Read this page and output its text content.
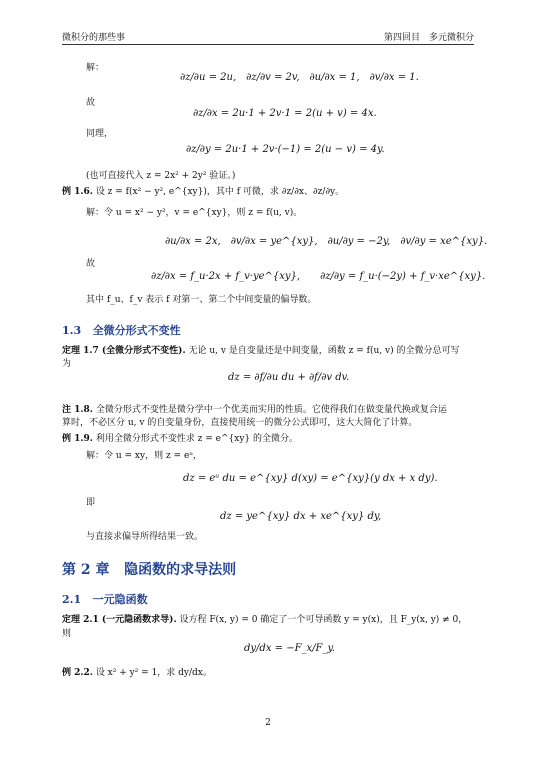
微积分的那些事	第四回目　多元微积分
解：
∂z/∂u = 2u,　∂z/∂v = 2v,　∂u/∂x = 1,　∂v/∂x = 1.
故
∂z/∂x = 2u·1 + 2v·1 = 2(u + v) = 4x.
同理，
∂z/∂y = 2u·1 + 2v·(−1) = 2(u − v) = 4y.
(也可直接代入 z = 2x² + 2y² 验证。)
例 1.6. 设 z = f(x² − y², e^{xy})，其中 f 可微，求 ∂z/∂x、∂z/∂y。
解：令 u = x² − y²，v = e^{xy}，则 z = f(u, v)。
∂u/∂x = 2x,　∂v/∂x = ye^{xy},　∂u/∂y = −2y,　∂v/∂y = xe^{xy}.
故
∂z/∂x = f_u·2x + f_v·ye^{xy},　　∂z/∂y = f_u·(−2y) + f_v·xe^{xy}.
其中 f_u、f_v 表示 f 对第一、第二个中间变量的偏导数。
1.3 全微分形式不变性
定理 1.7 (全微分形式不变性). 无论 u, v 是自变量还是中间变量，函数 z = f(u, v) 的全微分总可写
为
dz = ∂f/∂u du + ∂f/∂v dv.
注 1.8. 全微分形式不变性是微分学中一个优美而实用的性质。它使得我们在做变量代换或复合运
算时，不必区分 u, v 的自变量身份，直接使用统一的微分公式即可，这大大简化了计算。
例 1.9. 利用全微分形式不变性求 z = e^{xy} 的全微分。
解：令 u = xy，则 z = eᵘ，
dz = eᵘ du = e^{xy} d(xy) = e^{xy}(y dx + x dy).
即
dz = ye^{xy} dx + xe^{xy} dy,
与直接求偏导所得结果一致。
第 2 章 隐函数的求导法则
2.1 一元隐函数
定理 2.1 (一元隐函数求导). 设方程 F(x, y) = 0 确定了一个可导函数 y = y(x)，且 F_y(x, y) ≠ 0，
则
dy/dx = −F_x/F_y.
例 2.2. 设 x² + y² = 1，求 dy/dx。
2
